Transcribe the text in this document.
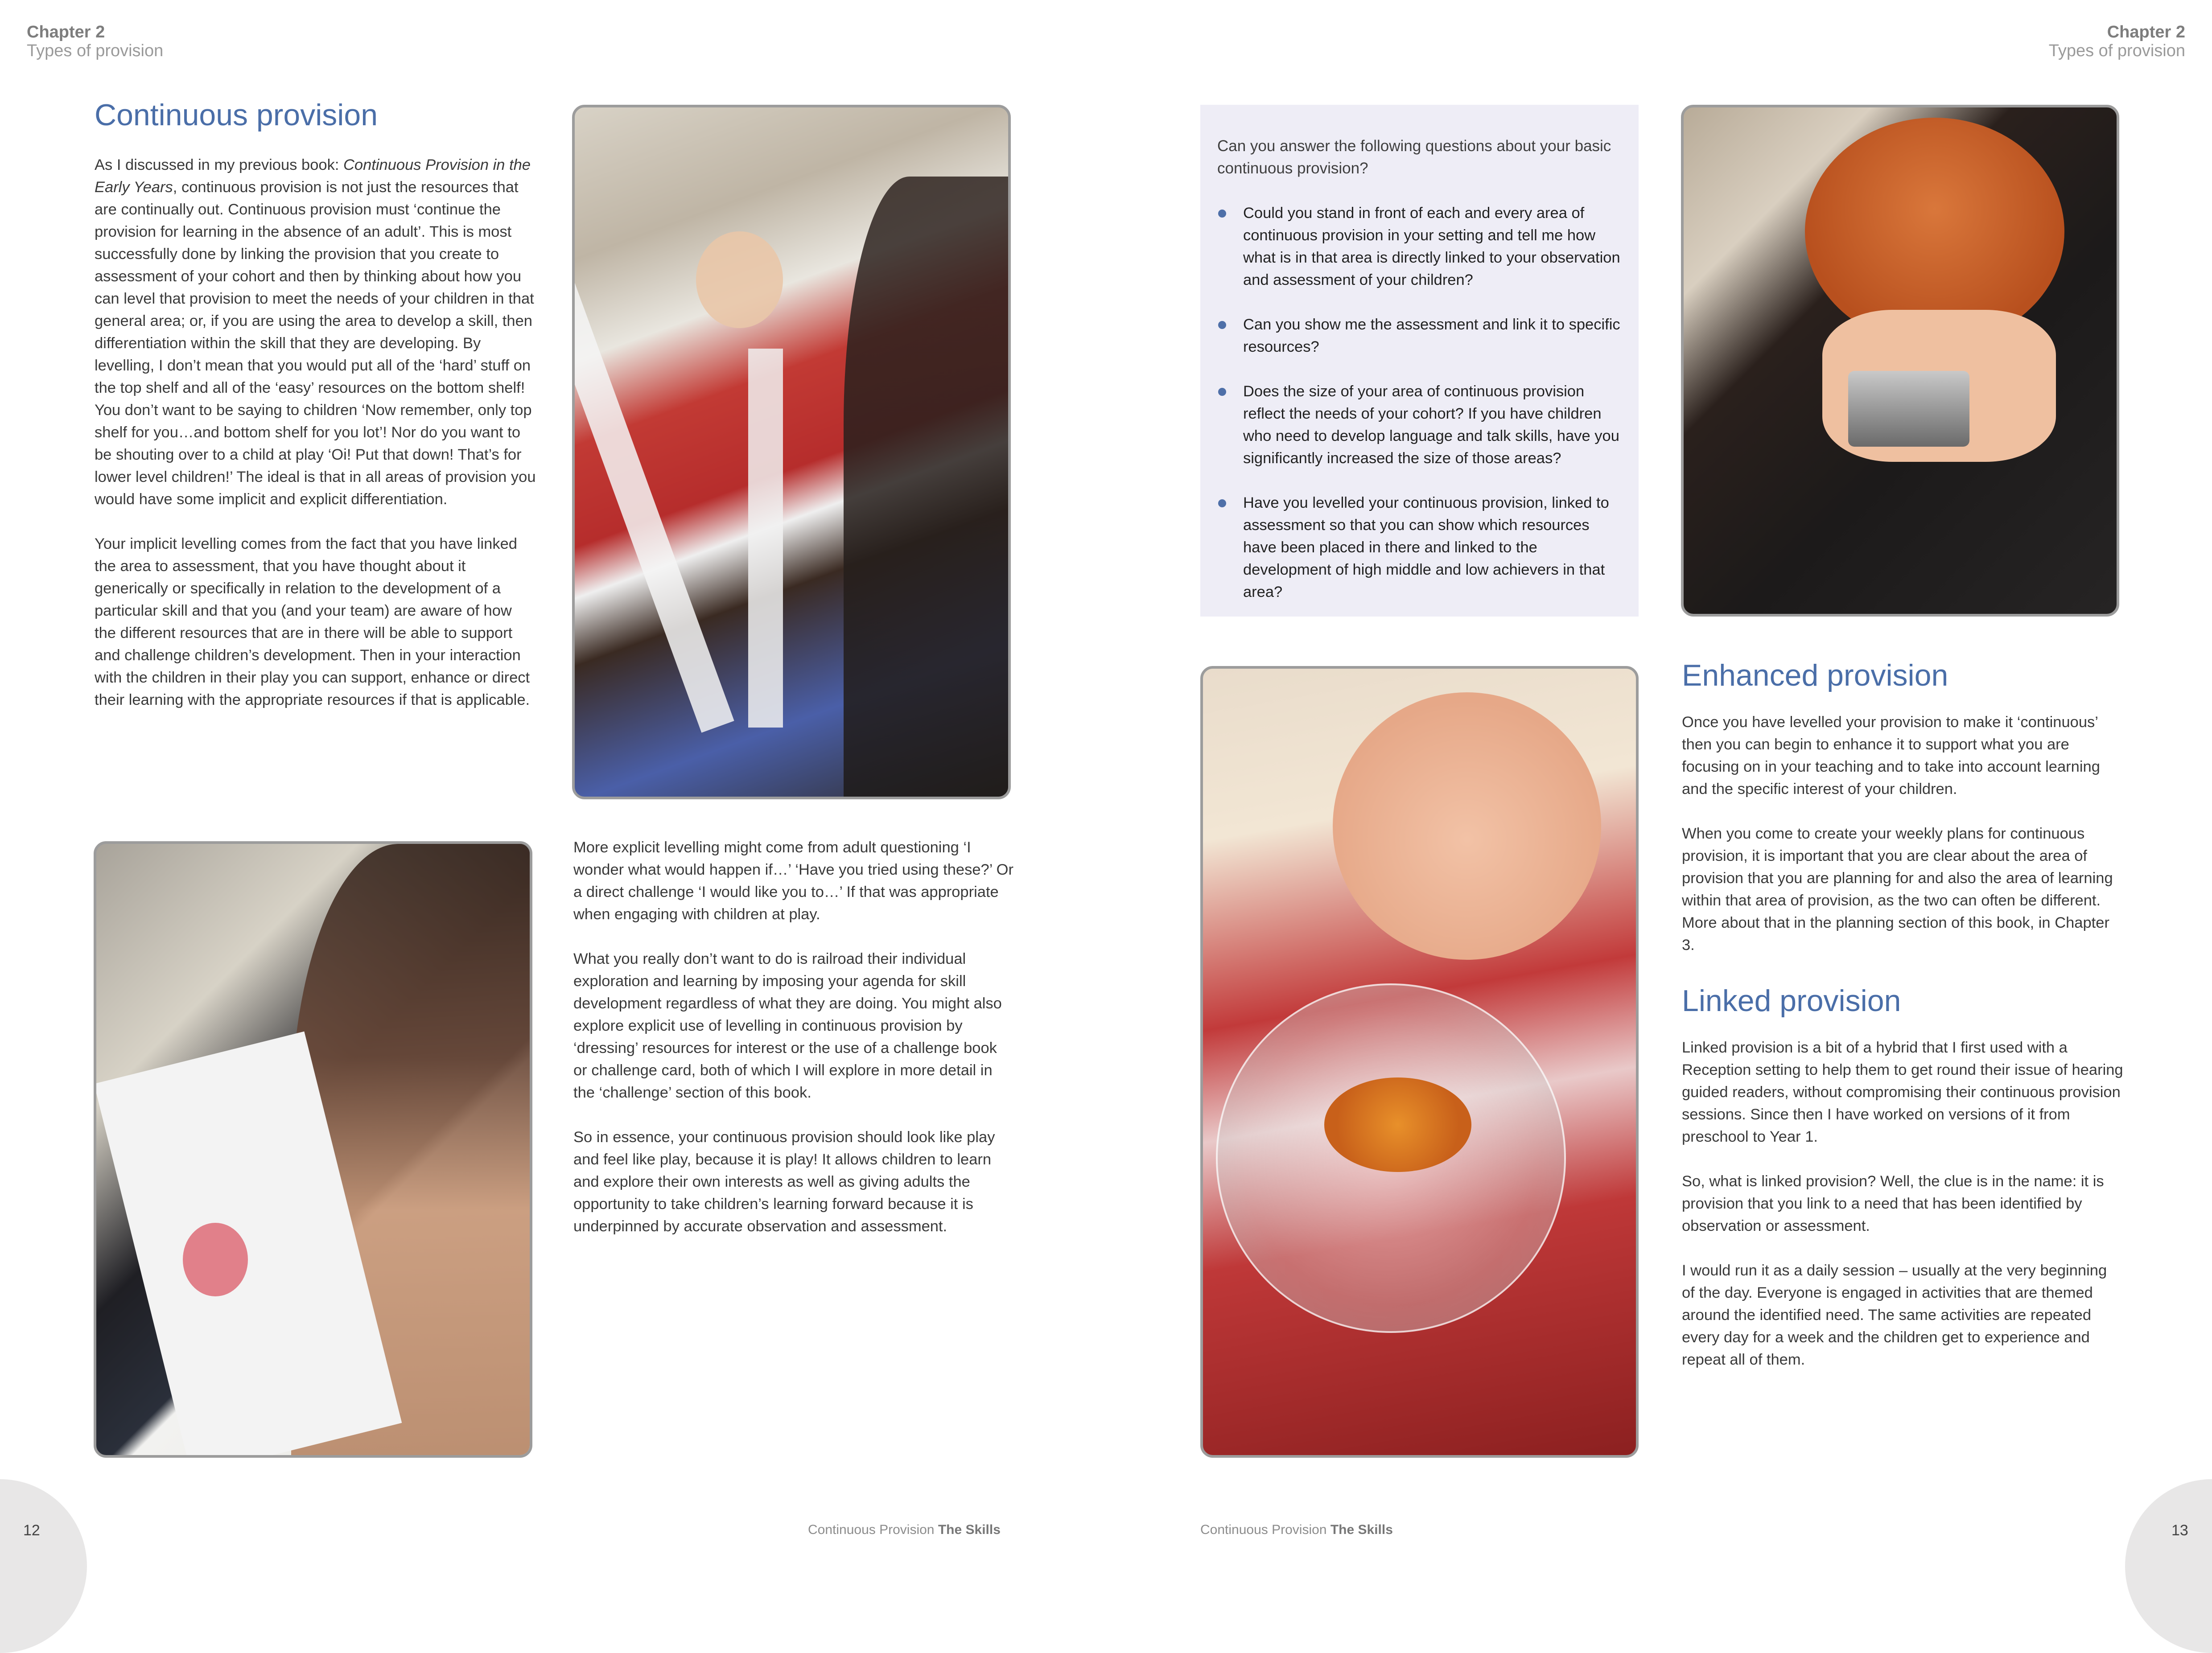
Chapter 2
Types of provision
Continuous provision

As I discussed in my previous book: Continuous Provision in the Early Years, continuous provision is not just the resources that are continually out. Continuous provision must ‘continue the provision for learning in the absence of an adult’. This is most successfully done by linking the provision that you create to assessment of your cohort and then by thinking about how you can level that provision to meet the needs of your children in that general area; or, if you are using the area to develop a skill, then differentiation within the skill that they are developing. By levelling, I don’t mean that you would put all of the ‘hard’ stuff on the top shelf and all of the ‘easy’ resources on the bottom shelf! You don’t want to be saying to children ‘Now remember, only top shelf for you…and bottom shelf for you lot’! Nor do you want to be shouting over to a child at play ‘Oi! Put that down! That’s for lower level children!’ The ideal is that in all areas of provision you would have some implicit and explicit differentiation.

Your implicit levelling comes from the fact that you have linked the area to assessment, that you have thought about it generically or specifically in relation to the development of a particular skill and that you (and your team) are aware of how the different resources that are in there will be able to support and challenge children’s development. Then in your interaction with the children in their play you can support, enhance or direct their learning with the appropriate resources if that is applicable.

More explicit levelling might come from adult questioning ‘I wonder what would happen if…’ ‘Have you tried using these?’ Or a direct challenge ‘I would like you to…’ If that was appropriate when engaging with children at play.

What you really don’t want to do is railroad their individual exploration and learning by imposing your agenda for skill development regardless of what they are doing. You might also explore explicit use of levelling in continuous provision by ‘dressing’ resources for interest or the use of a challenge book or challenge card, both of which I will explore in more detail in the ‘challenge’ section of this book.

So in essence, your continuous provision should look like play and feel like play, because it is play! It allows children to learn and explore their own interests as well as giving adults the opportunity to take children’s learning forward because it is underpinned by accurate observation and assessment.

12	Continuous Provision The Skills
Chapter 2
Types of provision
Can you answer the following questions about your basic continuous provision?
Could you stand in front of each and every area of continuous provision in your setting and tell me how what is in that area is directly linked to your observation and assessment of your children?
Can you show me the assessment and link it to specific resources?
Does the size of your area of continuous provision reflect the needs of your cohort? If you have children who need to develop language and talk skills, have you significantly increased the size of those areas?
Have you levelled your continuous provision, linked to assessment so that you can show which resources have been placed in there and linked to the development of high middle and low achievers in that area?
Enhanced provision

Once you have levelled your provision to make it ‘continuous’ then you can begin to enhance it to support what you are focusing on in your teaching and to take into account learning and the specific interest of your children.

When you come to create your weekly plans for continuous provision, it is important that you are clear about the area of provision that you are planning for and also the area of learning within that area of provision, as the two can often be different. More about that in the planning section of this book, in Chapter 3.

Linked provision

Linked provision is a bit of a hybrid that I first used with a Reception setting to help them to get round their issue of hearing guided readers, without compromising their continuous provision sessions. Since then I have worked on versions of it from preschool to Year 1.

So, what is linked provision? Well, the clue is in the name: it is provision that you link to a need that has been identified by observation or assessment.

I would run it as a daily session – usually at the very beginning of the day. Everyone is engaged in activities that are themed around the identified need. The same activities are repeated every day for a week and the children get to experience and repeat all of them.

Continuous Provision The Skills	13
